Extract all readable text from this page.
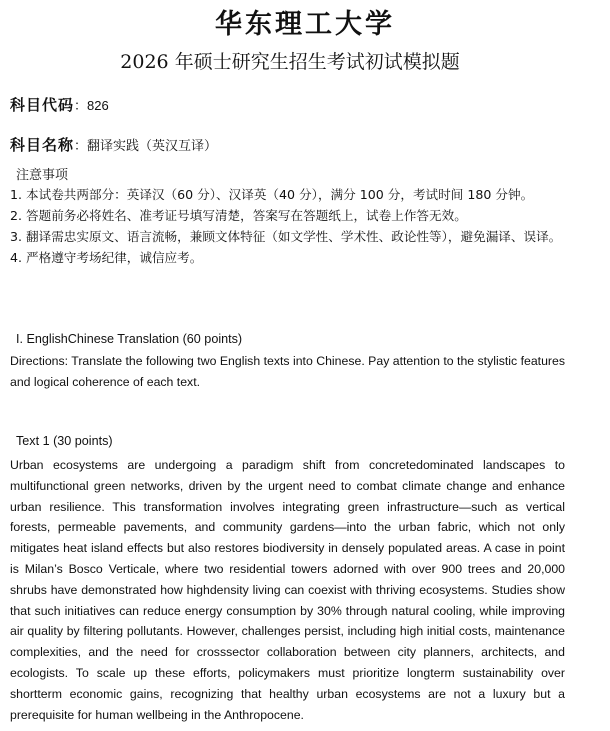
华东理工大学
2026 年硕士研究生招生考试初试模拟题
科目代码：826
科目名称：翻译实践（英汉互译）
注意事项
1. 本试卷共两部分：英译汉（60 分）、汉译英（40 分），满分 100 分，考试时间 180 分钟。
2. 答题前务必将姓名、准考证号填写清楚，答案写在答题纸上，试卷上作答无效。
3. 翻译需忠实原文、语言流畅，兼顾文体特征（如文学性、学术性、政论性等），避免漏译、误译。
4. 严格遵守考场纪律，诚信应考。
I. EnglishChinese Translation (60 points)
Directions: Translate the following two English texts into Chinese. Pay attention to the stylistic features and logical coherence of each text.
Text 1 (30 points)
Urban ecosystems are undergoing a paradigm shift from concretedominated landscapes to multifunctional green networks, driven by the urgent need to combat climate change and enhance urban resilience. This transformation involves integrating green infrastructure—such as vertical forests, permeable pavements, and community gardens—into the urban fabric, which not only mitigates heat island effects but also restores biodiversity in densely populated areas. A case in point is Milan’s Bosco Verticale, where two residential towers adorned with over 900 trees and 20,000 shrubs have demonstrated how highdensity living can coexist with thriving ecosystems. Studies show that such initiatives can reduce energy consumption by 30% through natural cooling, while improving air quality by filtering pollutants. However, challenges persist, including high initial costs, maintenance complexities, and the need for crosssector collaboration between city planners, architects, and ecologists. To scale up these efforts, policymakers must prioritize longterm sustainability over shortterm economic gains, recognizing that healthy urban ecosystems are not a luxury but a prerequisite for human wellbeing in the Anthropocene.
